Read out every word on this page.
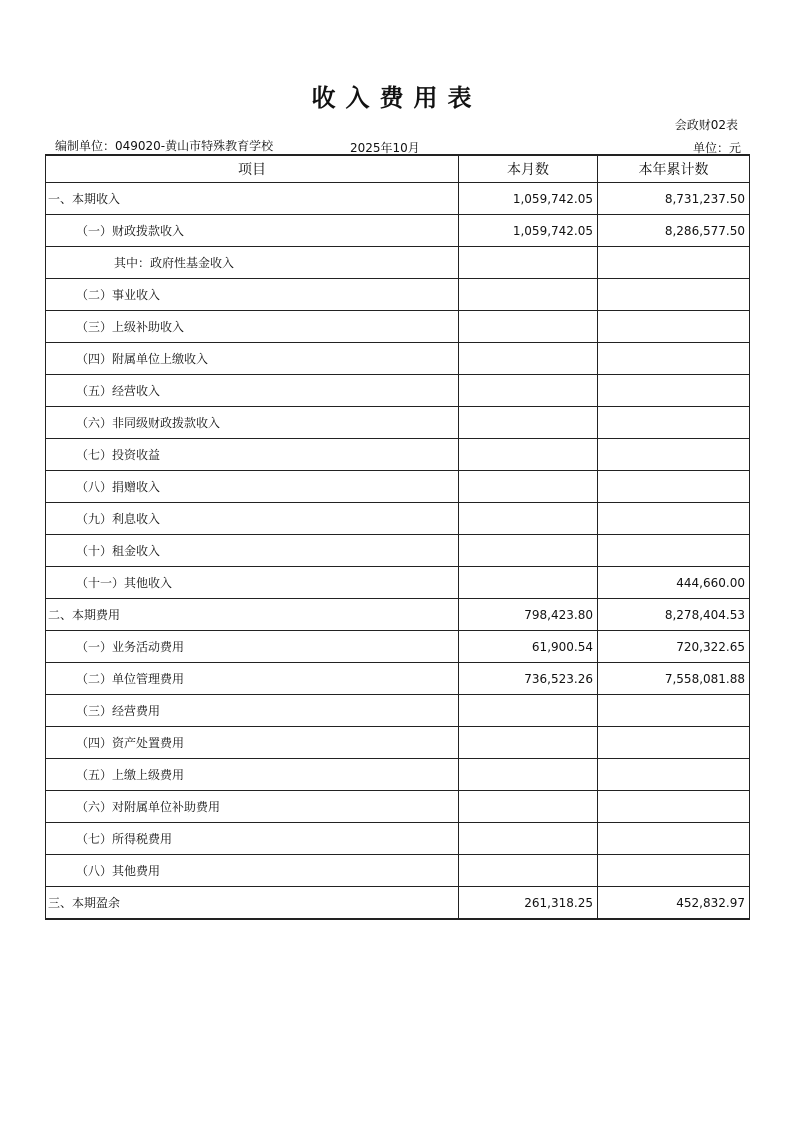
收入费用表
会政财02表
编制单位：049020-黄山市特殊教育学校	2025年10月	单位：元
项目	本月数	本年累计数
一、本期收入	1,059,742.05	8,731,237.50
（一）财政拨款收入	1,059,742.05	8,286,577.50
其中：政府性基金收入		
（二）事业收入		
（三）上级补助收入		
（四）附属单位上缴收入		
（五）经营收入		
（六）非同级财政拨款收入		
（七）投资收益		
（八）捐赠收入		
（九）利息收入		
（十）租金收入		
（十一）其他收入		444,660.00
二、本期费用	798,423.80	8,278,404.53
（一）业务活动费用	61,900.54	720,322.65
（二）单位管理费用	736,523.26	7,558,081.88
（三）经营费用		
（四）资产处置费用		
（五）上缴上级费用		
（六）对附属单位补助费用		
（七）所得税费用		
（八）其他费用		
三、本期盈余	261,318.25	452,832.97
